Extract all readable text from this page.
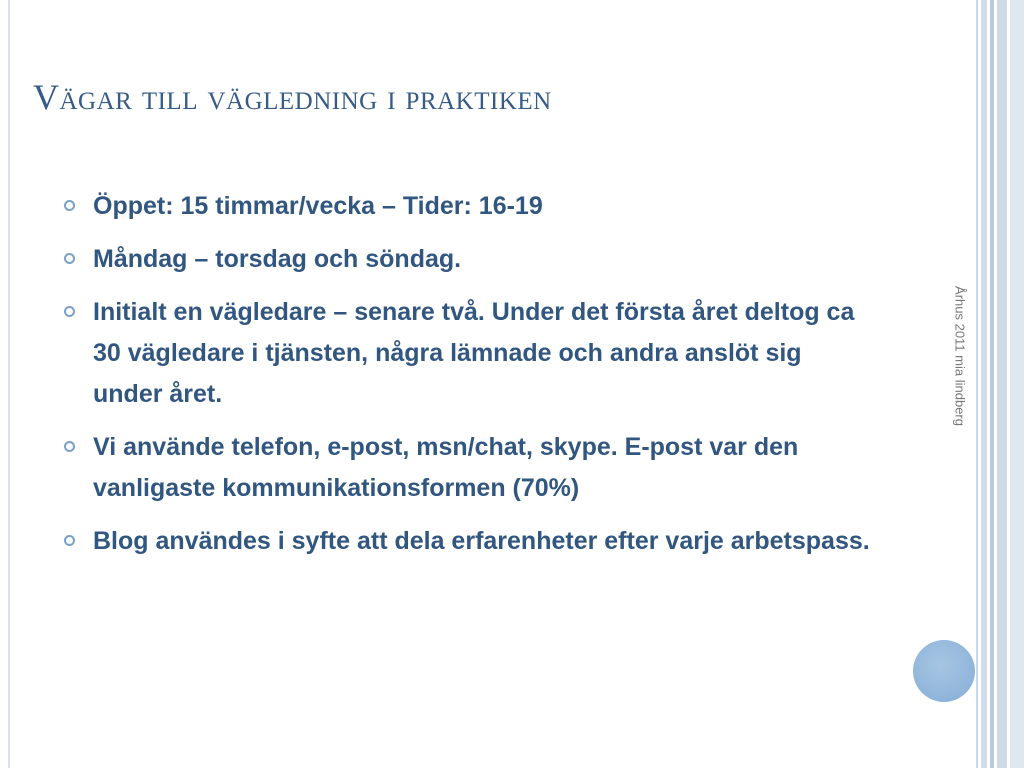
Vägar till vägledning i praktiken
Öppet: 15 timmar/vecka – Tider: 16-19
Måndag – torsdag och söndag.
Initialt en vägledare – senare två. Under det första året deltog ca 30 vägledare i tjänsten, några lämnade och andra anslöt sig under året.
Vi använde telefon, e-post, msn/chat, skype. E-post var den vanligaste kommunikationsformen (70%)
Blog användes i syfte att dela erfarenheter efter varje arbetspass.
Århus 2011 mia lindberg
